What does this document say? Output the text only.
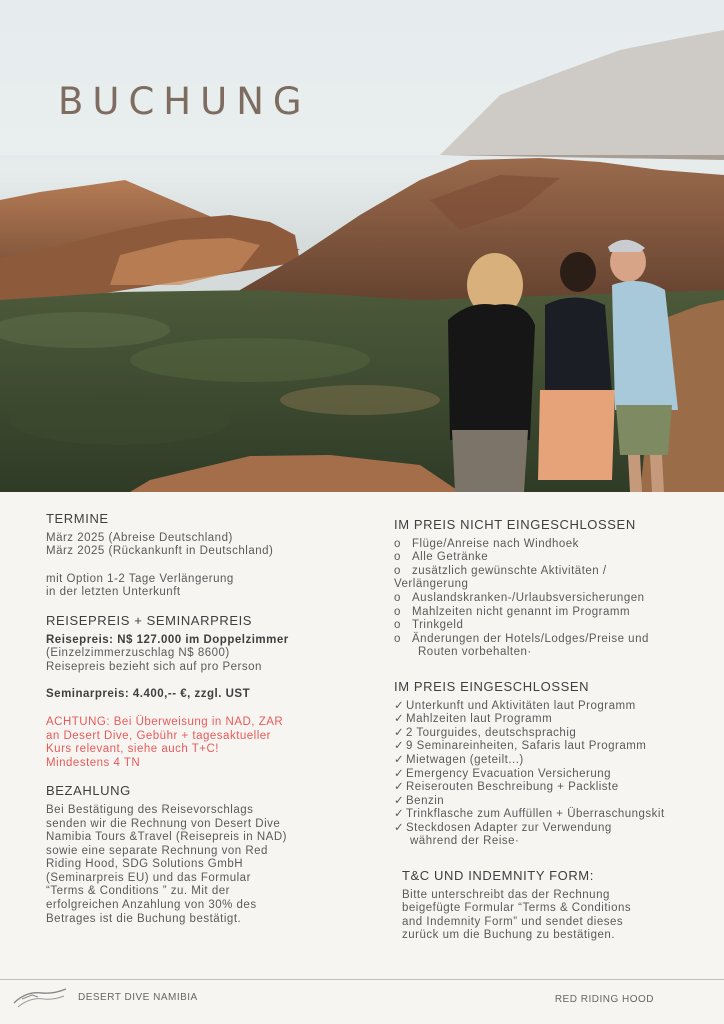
BUCHUNG
TERMINE

März 2025 (Abreise Deutschland)

März 2025 (Rückankunft in Deutschland)

mit Option 1-2 Tage Verlängerung

in der letzten Unterkunft

REISEPREIS + SEMINARPREIS

Reisepreis: N$ 127.000 im Doppelzimmer

(Einzelzimmerzuschlag N$ 8600)

Reisepreis bezieht sich auf pro Person

Seminarpreis: 4.400,-- €, zzgl. UST

ACHTUNG: Bei Überweisung in NAD, ZAR

an Desert Dive, Gebühr + tagesaktueller

Kurs relevant, siehe auch T+C!

Mindestens 4 TN

BEZAHLUNG

Bei Bestätigung des Reisevorschlags

senden wir die Rechnung von Desert Dive

Namibia Tours &Travel (Reisepreis in NAD)

sowie eine separate Rechnung von Red

Riding Hood, SDG Solutions GmbH

(Seminarpreis EU) und das Formular

“Terms & Conditions ” zu. Mit der

erfolgreichen Anzahlung von 30% des

Betrages ist die Buchung bestätigt.

IM PREIS NICHT EINGESCHLOSSEN
o Flüge/Anreise nach Windhoek
o Alle Getränke
o zusätzlich gewünschte Aktivitäten /
Verlängerung
o Auslandskranken-/Urlaubsversicherungen
o Mahlzeiten nicht genannt im Programm
o Trinkgeld
o Änderungen der Hotels/Lodges/Preise und
Routen vorbehalten·
IM PREIS EINGESCHLOSSEN
✓ Unterkunft und Aktivitäten laut Programm
✓ Mahlzeiten laut Programm
✓ 2 Tourguides, deutschsprachig
✓ 9 Seminareinheiten, Safaris laut Programm
✓ Mietwagen (geteilt...)
✓ Emergency Evacuation Versicherung
✓ Reiserouten Beschreibung + Packliste
✓ Benzin
✓ Trinkflasche zum Auffüllen + Überraschungskit
✓ Steckdosen Adapter zur Verwendung
während der Reise·
T&C UND INDEMNITY FORM:

Bitte unterschreibt das der Rechnung

beigefügte Formular “Terms & Conditions

and Indemnity Form” und sendet dieses

zurück um die Buchung zu bestätigen.

DESERT DIVE NAMIBIA	RED RIDING HOOD
